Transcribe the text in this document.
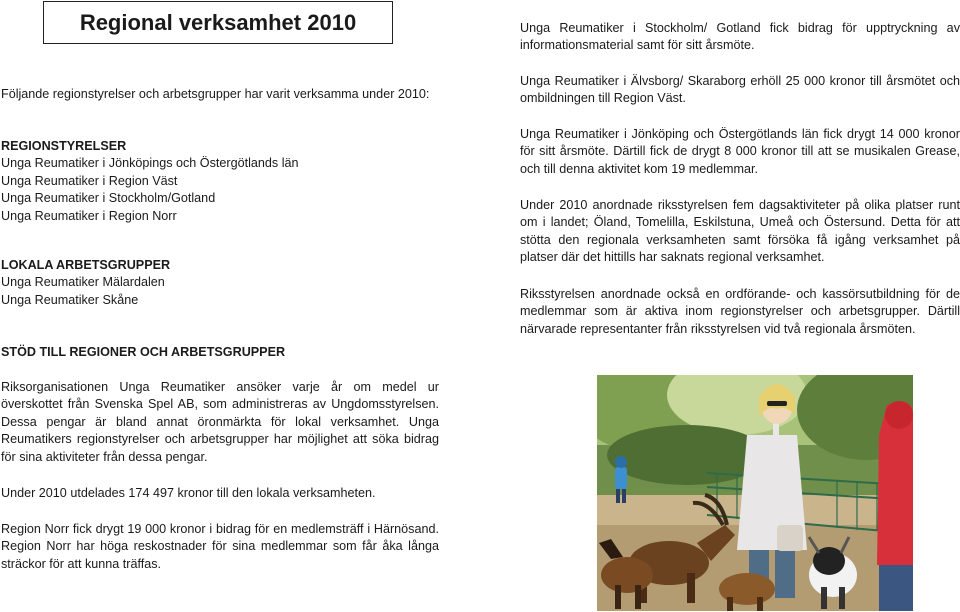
Regional verksamhet 2010

Följande regionstyrelser och arbetsgrupper har varit verksamma under 2010:

REGIONSTYRELSER

Unga Reumatiker i Jönköpings och Östergötlands län

Unga Reumatiker i Region Väst

Unga Reumatiker i Stockholm/Gotland

Unga Reumatiker i Region Norr

LOKALA ARBETSGRUPPER

Unga Reumatiker Mälardalen

Unga Reumatiker Skåne

STÖD TILL REGIONER OCH ARBETSGRUPPER

Riksorganisationen Unga Reumatiker ansöker varje år om medel ur överskottet från Svenska Spel AB, som administreras av Ungdomsstyrelsen. Dessa pengar är bland annat öronmärkta för lokal verksamhet. Unga Reumatikers regionstyrelser och arbetsgrupper har möjlighet att söka bidrag för sina aktiviteter från dessa pengar.

Under 2010 utdelades 174 497 kronor till den lokala verksamheten.

Region Norr fick drygt 19 000 kronor i bidrag för en medlemsträff i Härnösand. Region Norr har höga reskostnader för sina medlemmar som får åka långa sträckor för att kunna träffas.

Unga Reumatiker i Stockholm/ Gotland fick bidrag för upptryckning av informationsmaterial samt för sitt årsmöte.

Unga Reumatiker i Älvsborg/ Skaraborg erhöll 25 000 kronor till årsmötet och ombildningen till Region Väst.

Unga Reumatiker i Jönköping och Östergötlands län fick drygt 14 000 kronor för sitt årsmöte. Därtill fick de drygt 8 000 kronor till att se musikalen Grease, och till denna aktivitet kom 19 medlemmar.

Under 2010 anordnade riksstyrelsen fem dagsaktiviteter på olika platser runt om i landet; Öland, Tomelilla, Eskilstuna, Umeå och Östersund. Detta för att stötta den regionala verksamheten samt försöka få igång verksamhet på platser där det hittills har saknats regional verksamhet.

Riksstyrelsen anordnade också en ordförande- och kassörsutbildning för de medlemmar som är aktiva inom regionstyrelser och arbetsgrupper. Därtill närvarade representanter från riksstyrelsen vid två regionala årsmöten.
